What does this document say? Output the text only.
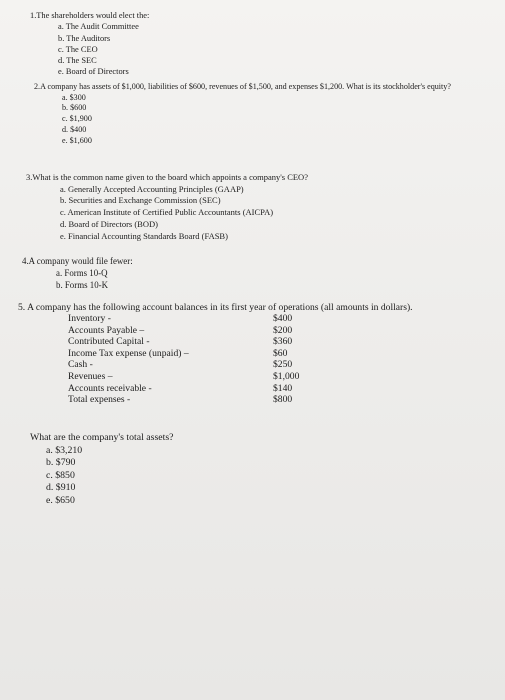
1.The shareholders would elect the:
a. The Audit Committee
b. The Auditors
c. The CEO
d. The SEC
e. Board of Directors
2.A company has assets of $1,000, liabilities of $600, revenues of $1,500, and expenses $1,200. What is its stockholder's equity?
a. $300
b. $600
c. $1,900
d. $400
e. $1,600
3.What is the common name given to the board which appoints a company's CEO?
a. Generally Accepted Accounting Principles (GAAP)
b. Securities and Exchange Commission (SEC)
c. American Institute of Certified Public Accountants (AICPA)
d. Board of Directors (BOD)
e. Financial Accounting Standards Board (FASB)
4.A company would file fewer:
a. Forms 10-Q
b. Forms 10-K
5. A company has the following account balances in its first year of operations (all amounts in dollars).
Inventory -	$400
Accounts Payable –	$200
Contributed Capital -	$360
Income Tax expense (unpaid) –	$60
Cash -	$250
Revenues –	$1,000
Accounts receivable -	$140
Total expenses -	$800
What are the company's total assets?
a. $3,210
b. $790
c. $850
d. $910
e. $650
